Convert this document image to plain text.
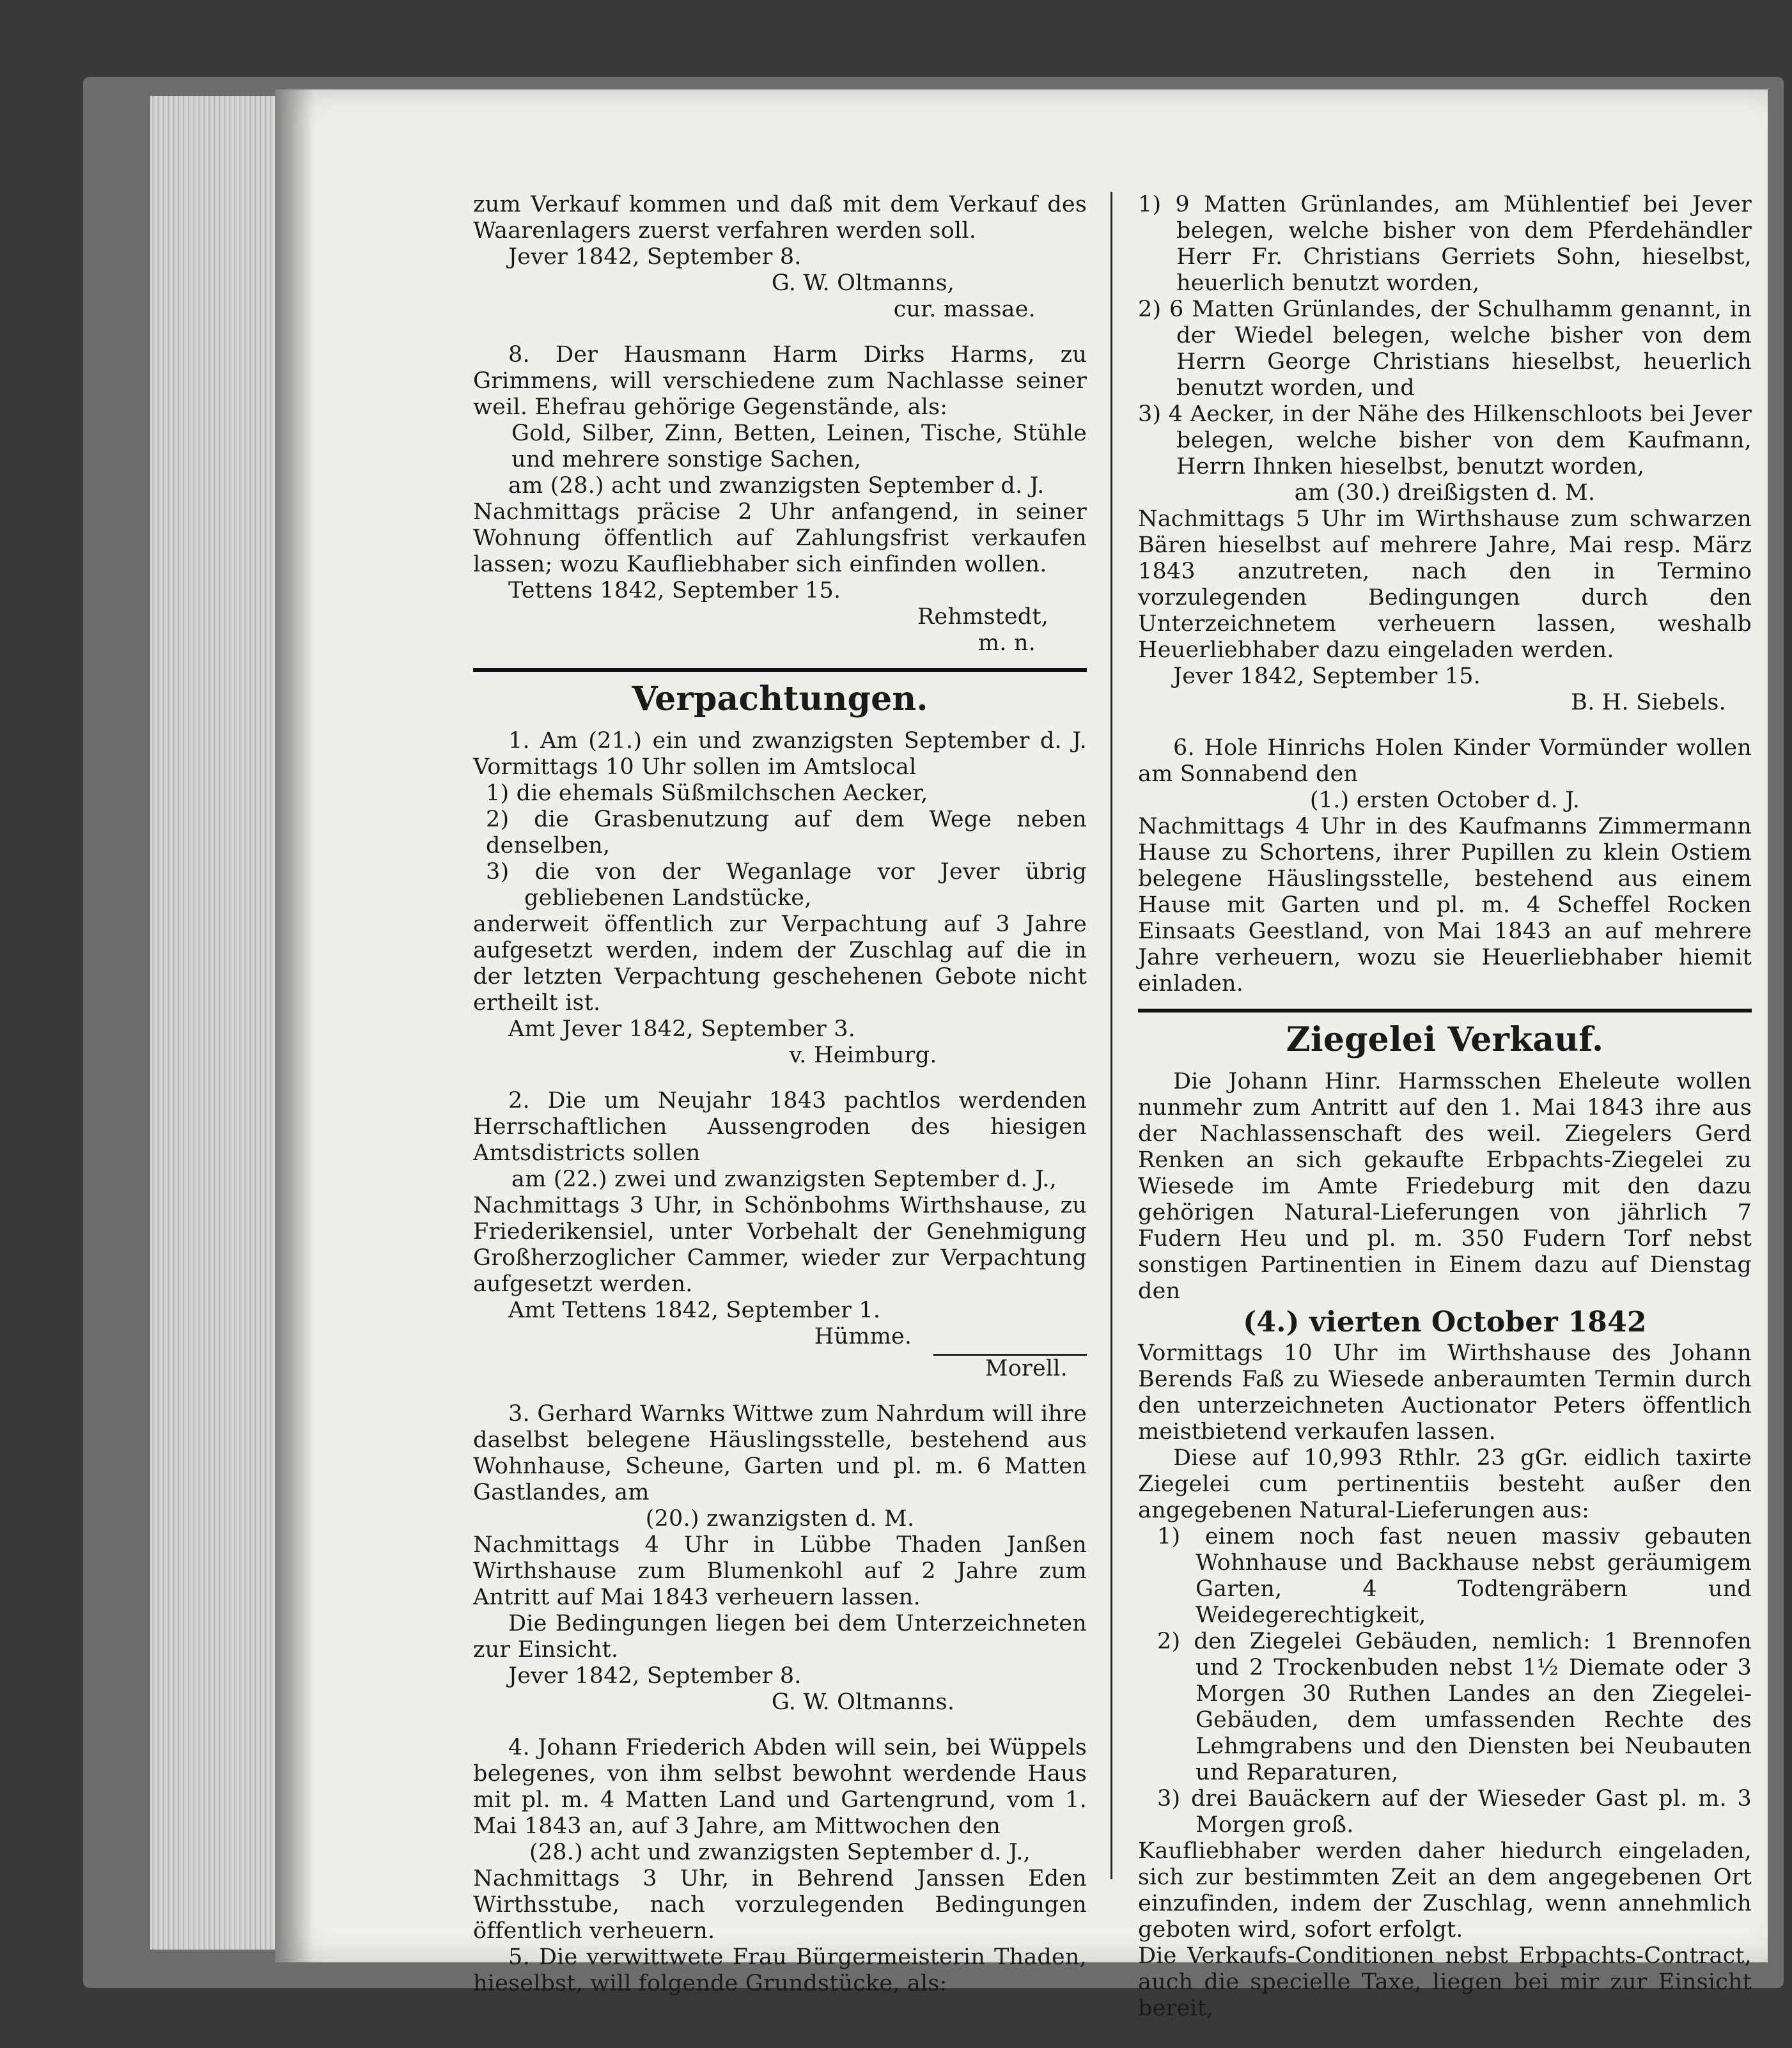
zum Verkauf kommen und daß mit dem Verkauf des Waarenlagers zuerst verfahren werden soll.

Jever 1842, September 8.

G. W. Oltmanns,

cur. massae.

8. Der Hausmann Harm Dirks Harms, zu Grimmens, will verschiedene zum Nachlasse seiner weil. Ehefrau gehörige Gegenstände, als:

Gold, Silber, Zinn, Betten, Leinen, Tische, Stühle und mehrere sonstige Sachen,

am (28.) acht und zwanzigsten September d. J.

Nachmittags präcise 2 Uhr anfangend, in seiner Wohnung öffentlich auf Zahlungsfrist verkaufen lassen; wozu Kaufliebhaber sich einfinden wollen.

Tettens 1842, September 15.

Rehmstedt,

m. n.

Verpachtungen.

1. Am (21.) ein und zwanzigsten September d. J. Vormittags 10 Uhr sollen im Amtslocal

1) die ehemals Süßmilchschen Aecker,

2) die Grasbenutzung auf dem Wege neben denselben,

3) die von der Weganlage vor Jever übrig gebliebenen Landstücke,

anderweit öffentlich zur Verpachtung auf 3 Jahre aufgesetzt werden, indem der Zuschlag auf die in der letzten Verpachtung geschehenen Gebote nicht ertheilt ist.

Amt Jever 1842, September 3.

v. Heimburg.

2. Die um Neujahr 1843 pachtlos werdenden Herrschaftlichen Aussengroden des hiesigen Amtsdistricts sollen

am (22.) zwei und zwanzigsten September d. J.,

Nachmittags 3 Uhr, in Schönbohms Wirthshause, zu Friederikensiel, unter Vorbehalt der Genehmigung Großherzoglicher Cammer, wieder zur Verpachtung aufgesetzt werden.

Amt Tettens 1842, September 1.

Hümme.

Morell.

3. Gerhard Warnks Wittwe zum Nahrdum will ihre daselbst belegene Häuslingsstelle, bestehend aus Wohnhause, Scheune, Garten und pl. m. 6 Matten Gastlandes, am

(20.) zwanzigsten d. M.

Nachmittags 4 Uhr in Lübbe Thaden Janßen Wirthshause zum Blumenkohl auf 2 Jahre zum Antritt auf Mai 1843 verheuern lassen.

Die Bedingungen liegen bei dem Unterzeichneten zur Einsicht.

Jever 1842, September 8.

G. W. Oltmanns.

4. Johann Friederich Abden will sein, bei Wüppels belegenes, von ihm selbst bewohnt werdende Haus mit pl. m. 4 Matten Land und Gartengrund, vom 1. Mai 1843 an, auf 3 Jahre, am Mittwochen den

(28.) acht und zwanzigsten September d. J.,

Nachmittags 3 Uhr, in Behrend Janssen Eden Wirthsstube, nach vorzulegenden Bedingungen öffentlich verheuern.

5. Die verwittwete Frau Bürgermeisterin Thaden, hieselbst, will folgende Grundstücke, als:

1) 9 Matten Grünlandes, am Mühlentief bei Jever belegen, welche bisher von dem Pferdehändler Herr Fr. Christians Gerriets Sohn, hieselbst, heuerlich benutzt worden,

2) 6 Matten Grünlandes, der Schulhamm genannt, in der Wiedel belegen, welche bisher von dem Herrn George Christians hieselbst, heuerlich benutzt worden, und

3) 4 Aecker, in der Nähe des Hilkenschloots bei Jever belegen, welche bisher von dem Kaufmann, Herrn Ihnken hieselbst, benutzt worden,

am (30.) dreißigsten d. M.

Nachmittags 5 Uhr im Wirthshause zum schwarzen Bären hieselbst auf mehrere Jahre, Mai resp. März 1843 anzutreten, nach den in Termino vorzulegenden Bedingungen durch den Unterzeichnetem verheuern lassen, weshalb Heuerliebhaber dazu eingeladen werden.

Jever 1842, September 15.

B. H. Siebels.

6. Hole Hinrichs Holen Kinder Vormünder wollen am Sonnabend den

(1.) ersten October d. J.

Nachmittags 4 Uhr in des Kaufmanns Zimmermann Hause zu Schortens, ihrer Pupillen zu klein Ostiem belegene Häuslingsstelle, bestehend aus einem Hause mit Garten und pl. m. 4 Scheffel Rocken Einsaats Geestland, von Mai 1843 an auf mehrere Jahre verheuern, wozu sie Heuerliebhaber hiemit einladen.

Ziegelei Verkauf.

Die Johann Hinr. Harmsschen Eheleute wollen nunmehr zum Antritt auf den 1. Mai 1843 ihre aus der Nachlassenschaft des weil. Ziegelers Gerd Renken an sich gekaufte Erbpachts-Ziegelei zu Wiesede im Amte Friedeburg mit den dazu gehörigen Natural-Lieferungen von jährlich 7 Fudern Heu und pl. m. 350 Fudern Torf nebst sonstigen Partinentien in Einem dazu auf Dienstag den

(4.) vierten October 1842

Vormittags 10 Uhr im Wirthshause des Johann Berends Faß zu Wiesede anberaumten Termin durch den unterzeichneten Auctionator Peters öffentlich meistbietend verkaufen lassen.

Diese auf 10,993 Rthlr. 23 gGr. eidlich taxirte Ziegelei cum pertinentiis besteht außer den angegebenen Natural-Lieferungen aus:

1) einem noch fast neuen massiv gebauten Wohnhause und Backhause nebst geräumigem Garten, 4 Todtengräbern und Weidegerechtigkeit,

2) den Ziegelei Gebäuden, nemlich: 1 Brennofen und 2 Trockenbuden nebst 1½ Diemate oder 3 Morgen 30 Ruthen Landes an den Ziegelei-Gebäuden, dem umfassenden Rechte des Lehmgrabens und den Diensten bei Neubauten und Reparaturen,

3) drei Bauäckern auf der Wieseder Gast pl. m. 3 Morgen groß.

Kaufliebhaber werden daher hiedurch eingeladen, sich zur bestimmten Zeit an dem angegebenen Ort einzufinden, indem der Zuschlag, wenn annehmlich geboten wird, sofort erfolgt.

Die Verkaufs-Conditionen nebst Erbpachts-Contract, auch die specielle Taxe, liegen bei mir zur Einsicht bereit,
